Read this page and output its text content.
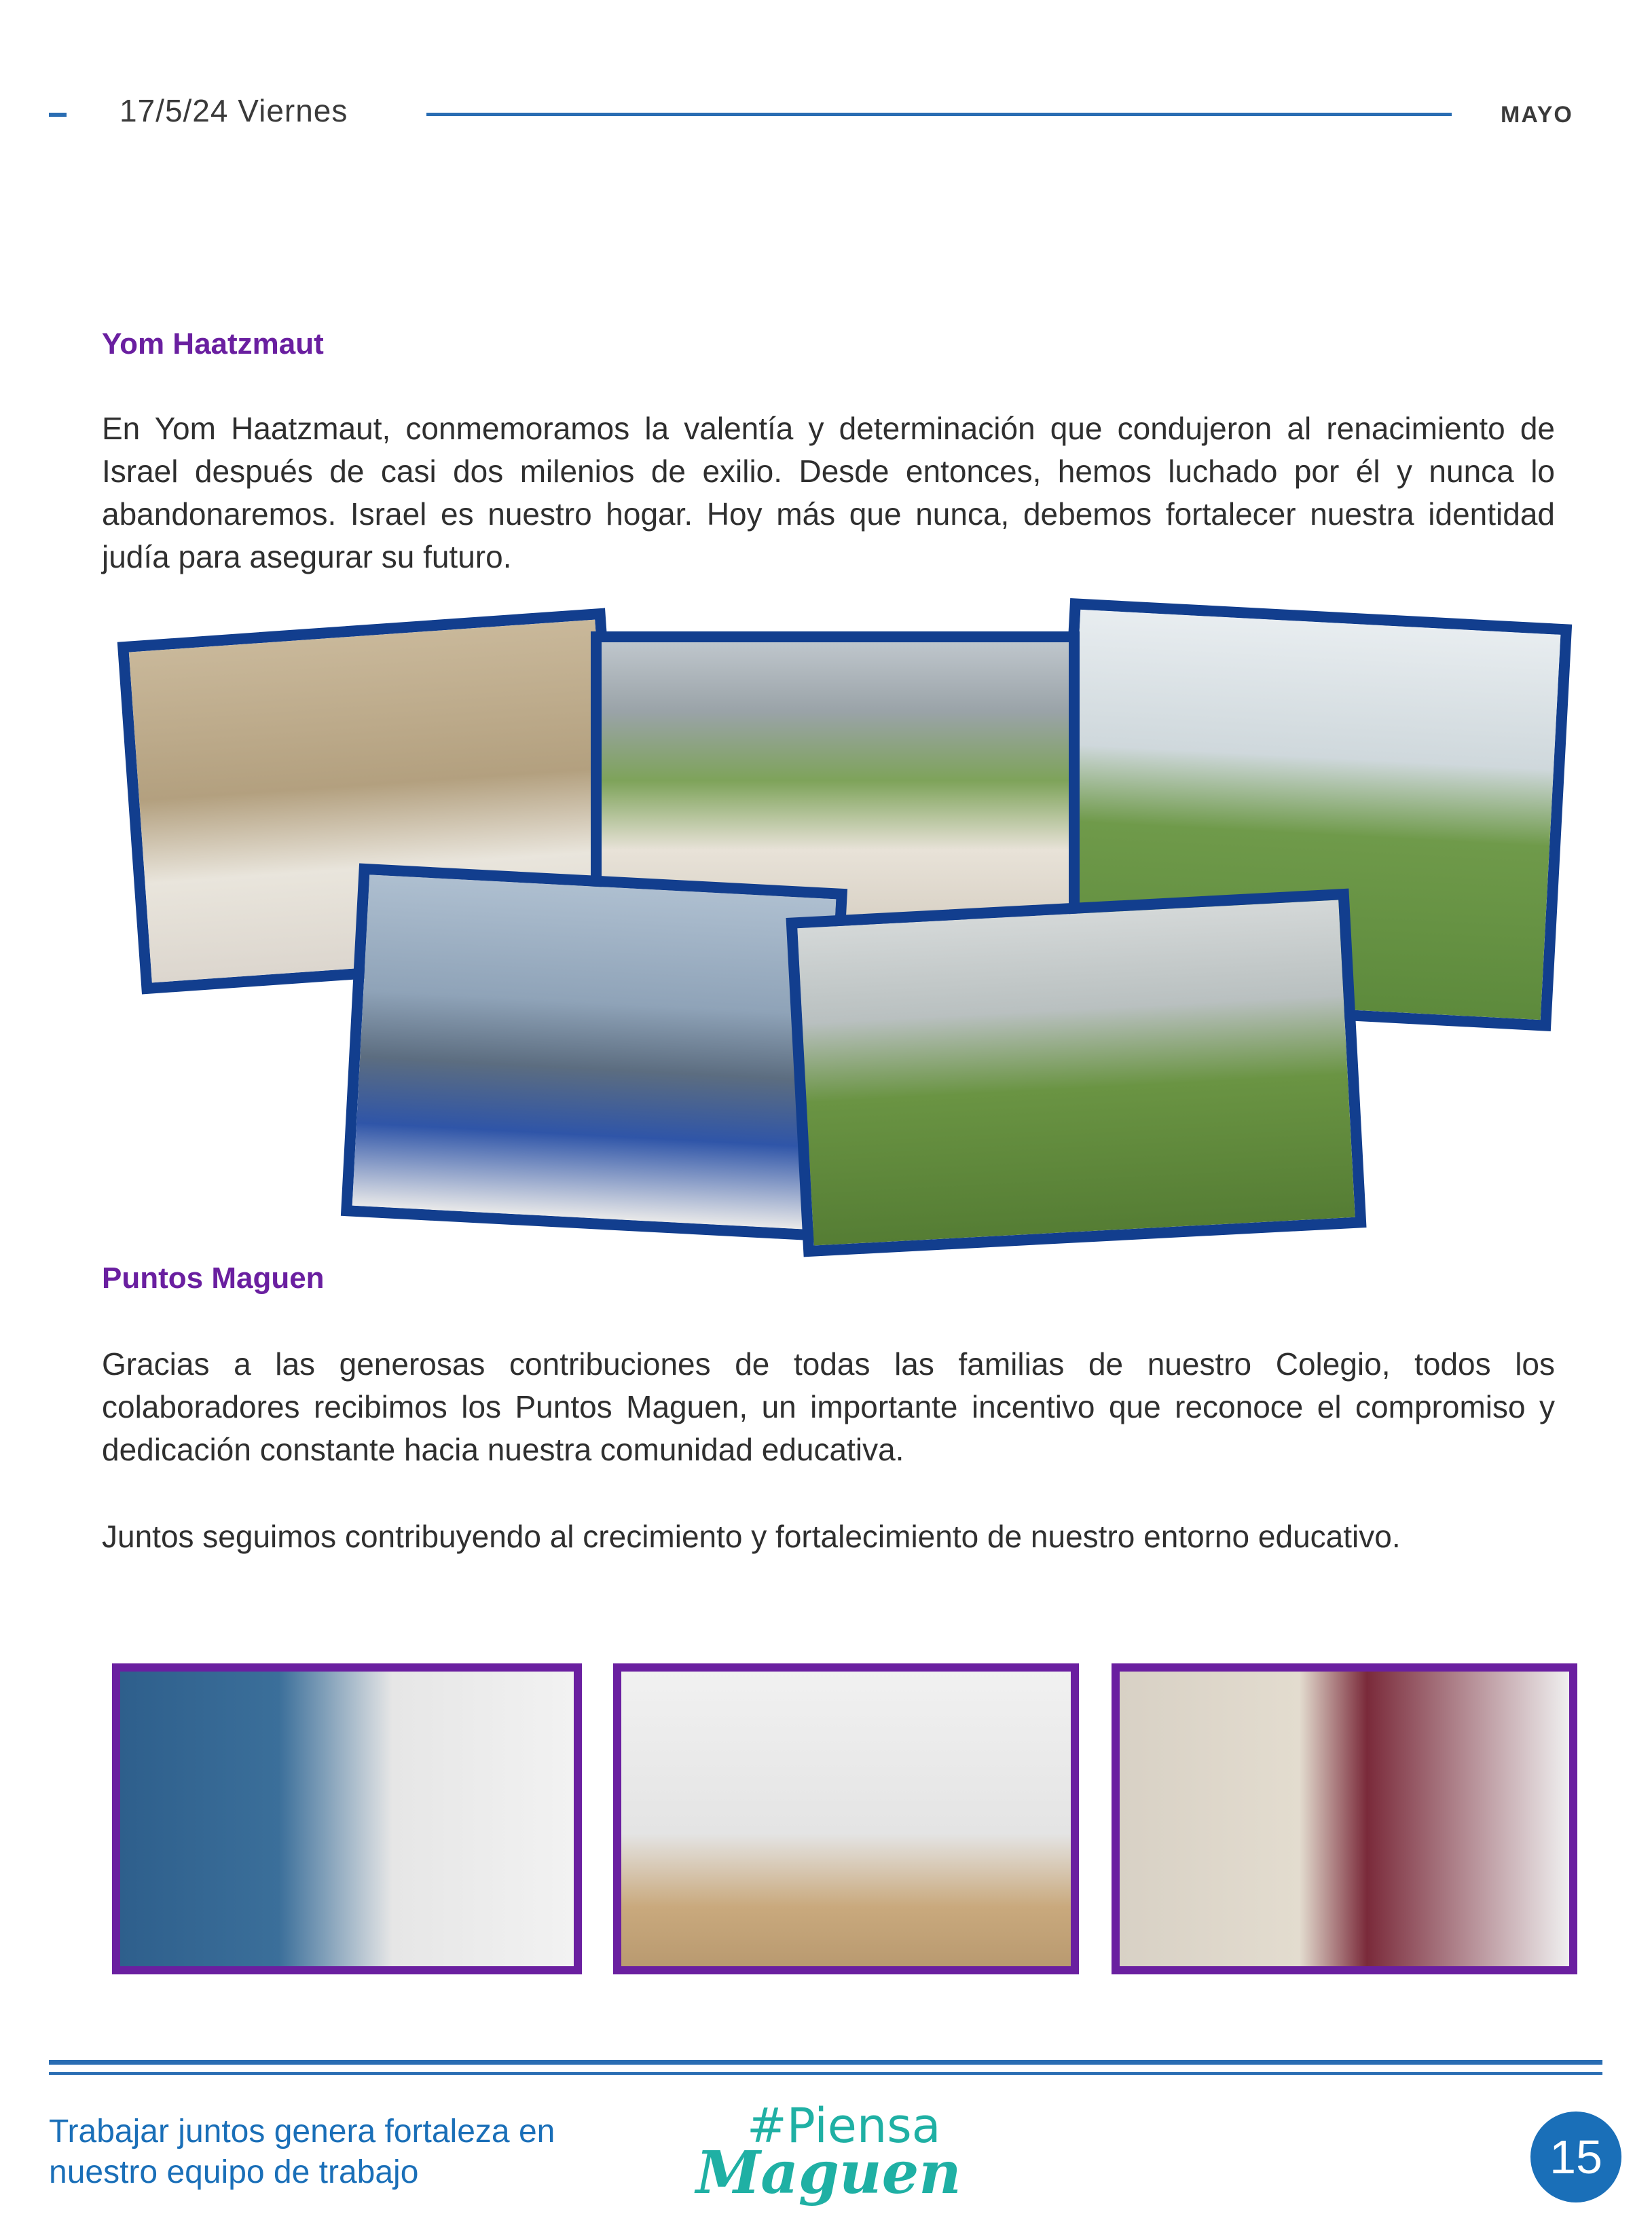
17/5/24 Viernes	MAYO
Yom Haatzmaut

En Yom Haatzmaut, conmemoramos la valentía y determinación que condujeron al renacimiento de Israel después de casi dos milenios de exilio. Desde entonces, hemos luchado por él y nunca lo abandonaremos. Israel es nuestro hogar. Hoy más que nunca, debemos fortalecer nuestra identidad judía para asegurar su futuro.

Puntos Maguen

Gracias a las generosas contribuciones de todas las familias de nuestro Colegio, todos los colaboradores recibimos los Puntos Maguen, un importante incentivo que reconoce el compromiso y dedicación constante hacia nuestra comunidad educativa.

Juntos seguimos contribuyendo al crecimiento y fortalecimiento de nuestro entorno educativo.

Trabajar juntos genera fortaleza en
nuestro equipo de trabajo
#Piensa
Maguen	15
